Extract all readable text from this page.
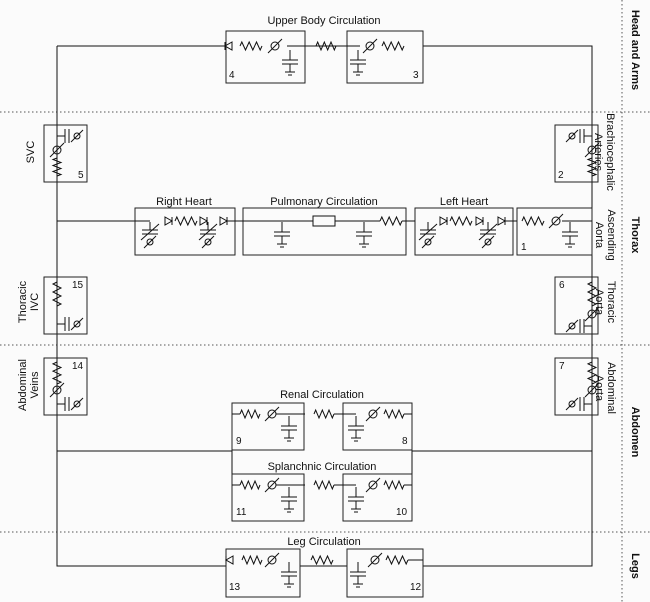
Upper Body Circulation
Right Heart	Pulmonary Circulation	Left Heart
Renal Circulation
Splanchnic Circulation
Leg Circulation
SVC
Thoracic IVC
Abdominal Veins
Brachiocephalic
Arteries
Ascending
Aorta
Thoracic
Aorta
Abdominal
Aorta
Head and Arms
Thorax
Abdomen
Legs
4	3
5	2
1
15	6
14	7
9	8
11	10
13	12
